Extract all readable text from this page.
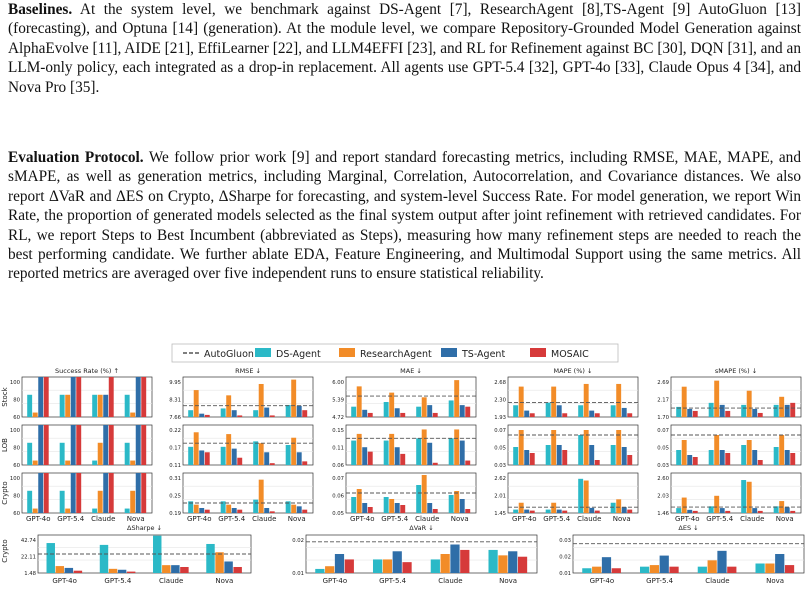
Baselines. At the system level, we benchmark against DS-Agent [7], ResearchAgent [8],TS-Agent [9] AutoGluon [13] (forecasting), and Optuna [14] (generation). At the module level, we compare Repository-Grounded Model Generation against AlphaEvolve [11], AIDE [21], EffiLearner [22], and LLM4EFFI [23], and RL for Refinement against BC [30], DQN [31], and an LLM-only policy, each integrated as a drop-in replacement. All agents use GPT-5.4 [32], GPT-4o [33], Claude Opus 4 [34], and Nova Pro [35].

Evaluation Protocol. We follow prior work [9] and report standard forecasting metrics, including RMSE, MAE, MAPE, and sMAPE, as well as generation metrics, including Marginal, Correlation, Autocorrelation, and Covariance distances. We also report ΔVaR and ΔES on Crypto, ΔSharpe for forecasting, and system-level Success Rate. For model generation, we report Win Rate, the proportion of generated models selected as the final system output after joint refinement with retrieved candidates. For RL, we report Steps to Best Incumbent (abbreviated as Steps), measuring how many refinement steps are needed to reach the best performing candidate. We further ablate EDA, Feature Engineering, and Multimodal Support using the same metrics. All reported metrics are averaged over five independent runs to ensure statistical reliability.

AutoGluon DS-Agent	ResearchAgent	TS-Agent	MOSAIC
Success Rate (%) ↑
100
80
60
100
80
60
100
80
60
GPT-4o GPT-5.4 Claude Nova
RMSE ↓
9.95
8.31
7.66
0.22
0.17
0.11
0.31
0.25
0.19
GPT-4o GPT-5.4 Claude Nova
MAE ↓
6.00
5.39
4.72
0.15
0.11
0.06
0.07
0.06
0.05
GPT-4o GPT-5.4 Claude Nova
MAPE (%) ↓
2.68
2.30
1.93
0.07
0.05
0.03
2.62
2.01
1.45
GPT-4o GPT-5.4 Claude Nova
sMAPE (%) ↓
2.69
2.17
1.70
0.07
0.05
0.03
2.60
2.03
1.46
GPT-4o GPT-5.4 Claude Nova
Stock
LOB
Crypto
ΔSharpe ↓
42.74
22.11
1.48
GPT-4o	GPT-5.4	Claude	Nova
ΔVaR ↓
0.02
0.01
GPT-4o	GPT-5.4	Claude	Nova
ΔES ↓
0.03
0.02
0.01
GPT-4o	GPT-5.4	Claude	Nova
Crypto
